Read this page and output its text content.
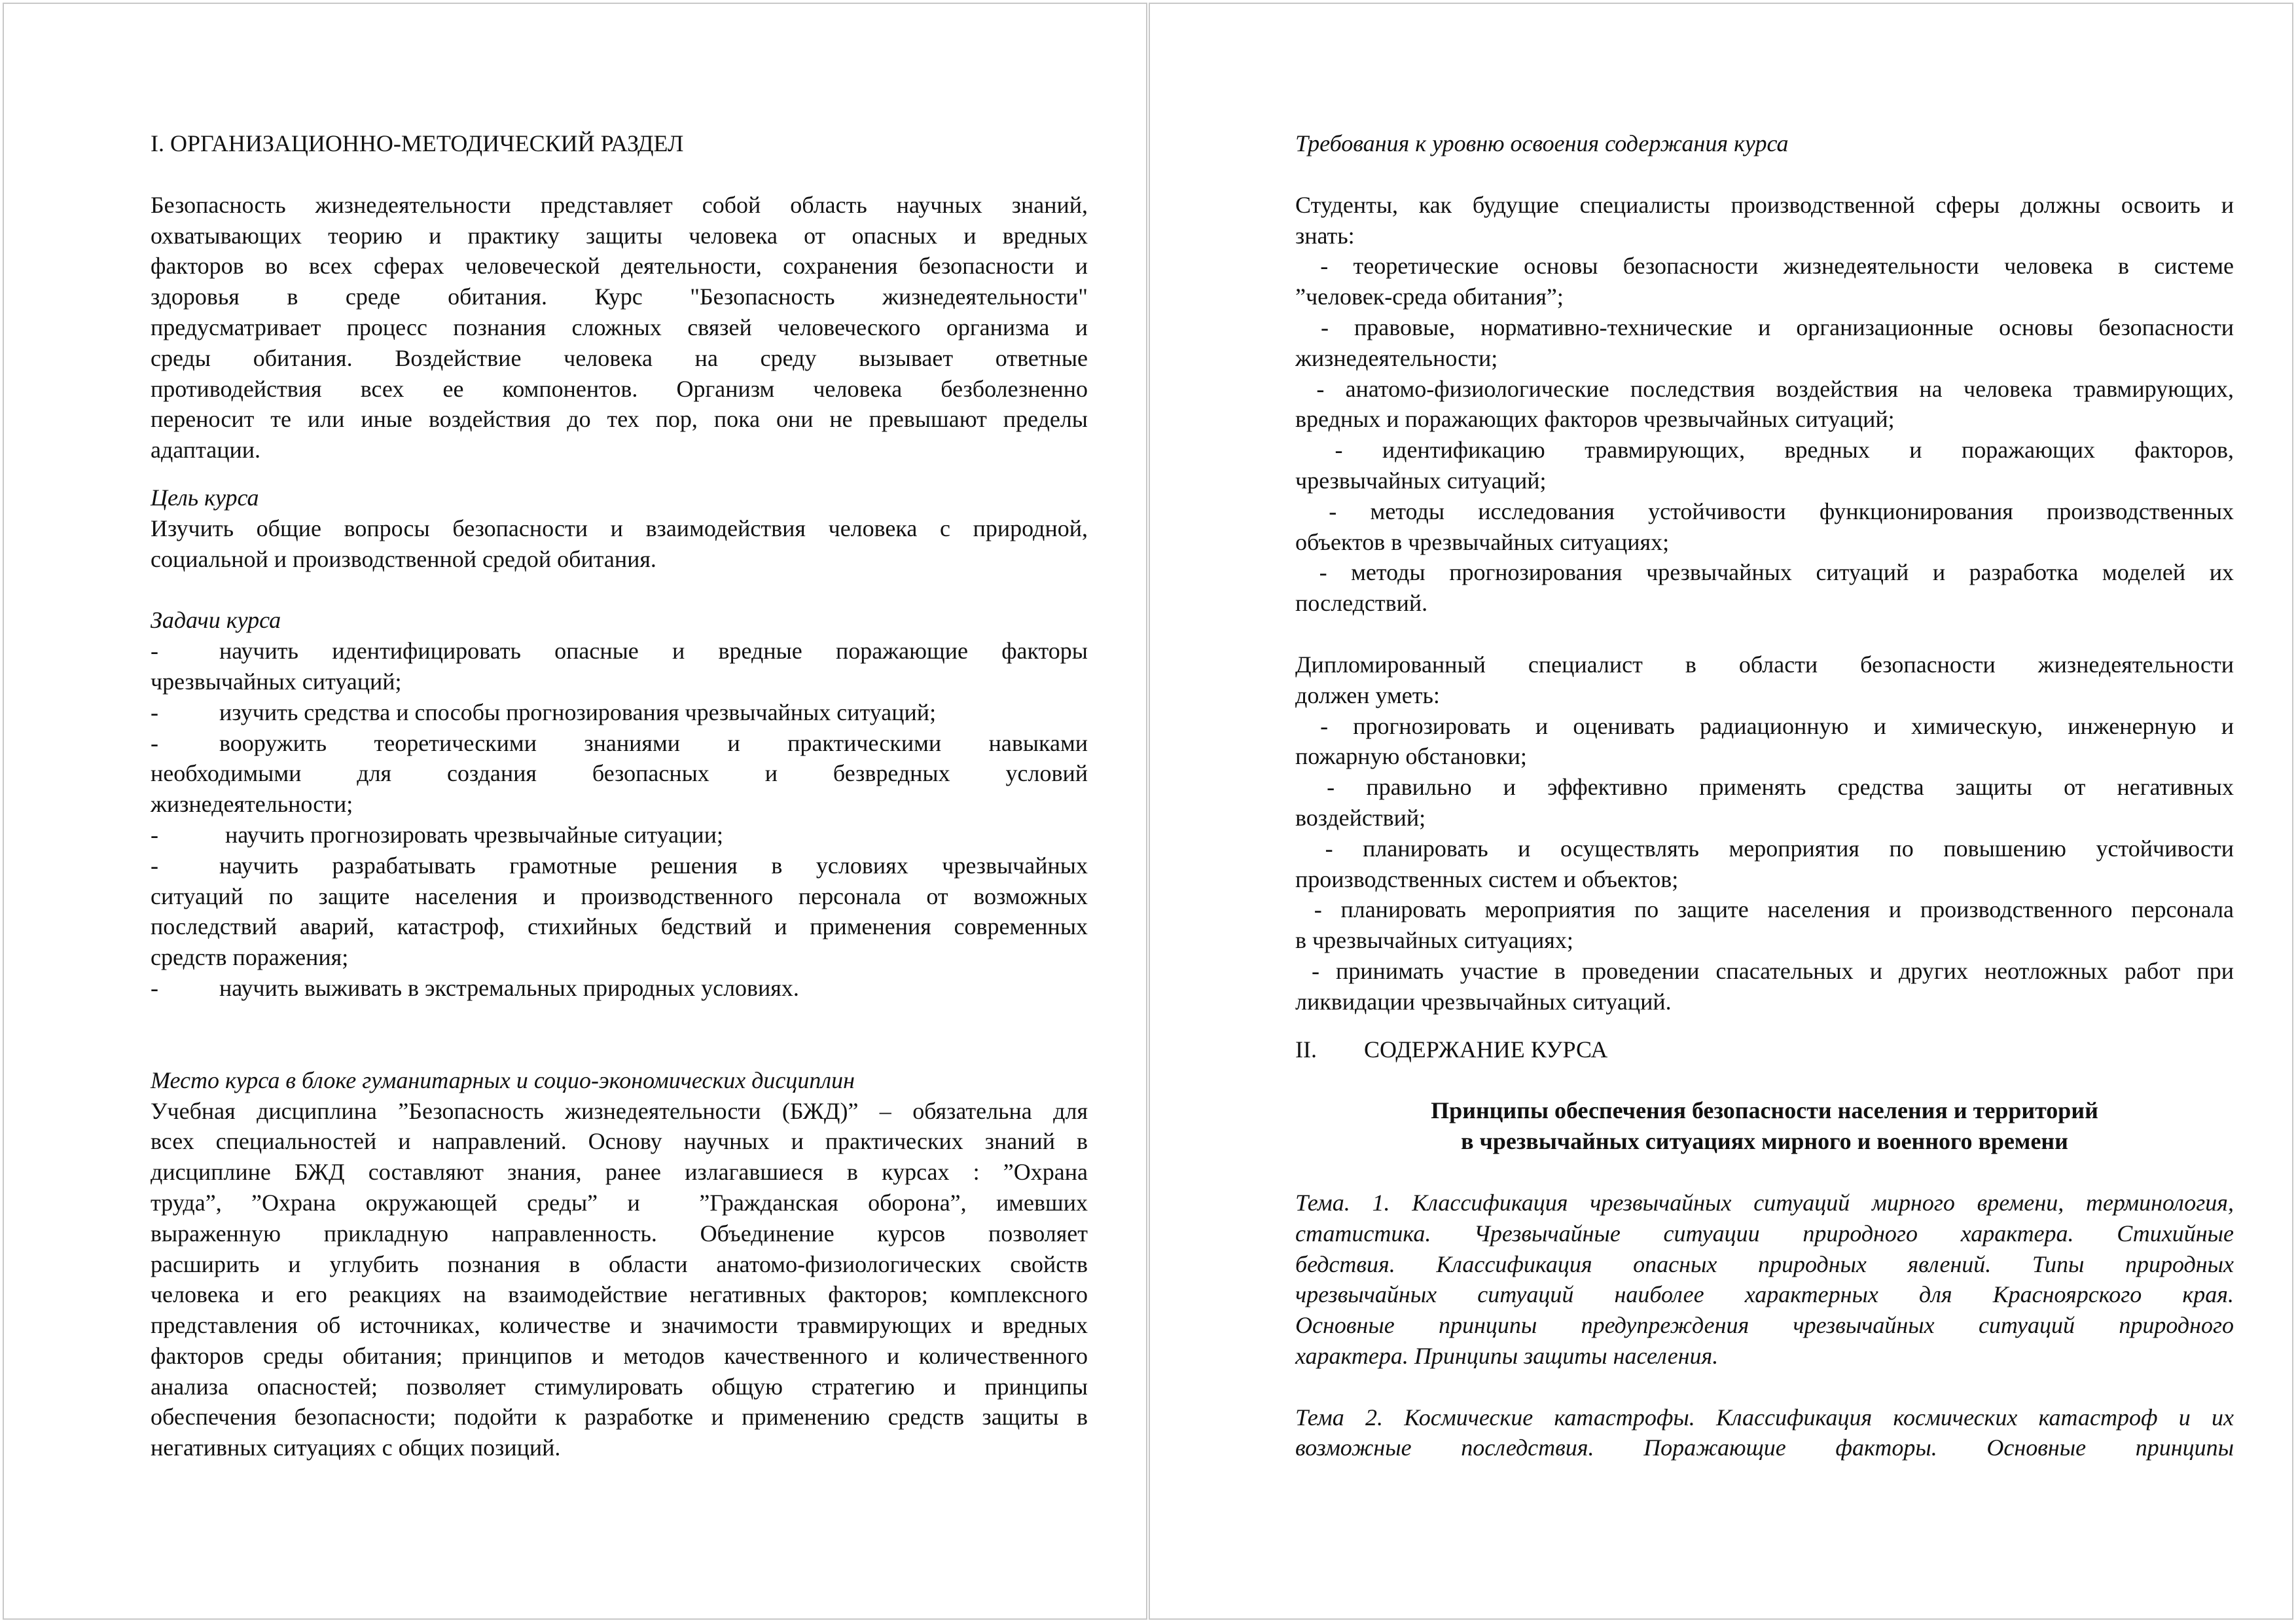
I. ОРГАНИЗАЦИОННО-МЕТОДИЧЕСКИЙ РАЗДЕЛ

Безопасность жизнедеятельности представляет собой область научных знаний,

охватывающих теорию и практику защиты человека от опасных и вредных

факторов во всех сферах человеческой деятельности, сохранения безопасности и

здоровья в среде обитания. Курс "Безопасность жизнедеятельности"

предусматривает процесс познания сложных связей человеческого организма и

среды обитания. Воздействие человека на среду вызывает ответные

противодействия всех ее компонентов. Организм человека безболезненно

переносит те или иные воздействия до тех пор, пока они не превышают пределы

адаптации.

Цель курса

Изучить общие вопросы безопасности и взаимодействия человека с природной,

социальной и производственной средой обитания.

Задачи курса

-	научить идентифицировать опасные и вредные поражающие факторы

чрезвычайных ситуаций;

-	изучить средства и способы прогнозирования чрезвычайных ситуаций;

-	вооружить теоретическими знаниями и практическими навыками

необходимыми для создания безопасных и безвредных условий

жизнедеятельности;

-	научить прогнозировать чрезвычайные ситуации;

-	научить разрабатывать грамотные решения в условиях чрезвычайных

ситуаций по защите населения и производственного персонала от возможных

последствий аварий, катастроф, стихийных бедствий и применения современных

средств поражения;

-	научить выживать в экстремальных природных условиях.

Место курса в блоке гуманитарных и социо-экономических дисциплин

Учебная дисциплина ”Безопасность жизнедеятельности (БЖД)” – обязательна для

всех специальностей и направлений. Основу научных и практических знаний в

дисциплине БЖД составляют знания, ранее излагавшиеся в курсах : ”Охрана

труда”, ”Охрана окружающей среды” и  ”Гражданская оборона”, имевших

выраженную прикладную направленность. Объединение курсов позволяет

расширить и углубить познания в области анатомо-физиологических свойств

человека и его реакциях на взаимодействие негативных факторов; комплексного

представления об источниках, количестве и значимости травмирующих и вредных

факторов среды обитания; принципов и методов качественного и количественного

анализа опасностей; позволяет стимулировать общую стратегию и принципы

обеспечения безопасности; подойти к разработке и применению средств защиты в

негативных ситуациях с общих позиций.

Требования к уровню освоения содержания курса

Студенты, как будущие специалисты производственной сферы должны освоить и

знать:

- теоретические основы безопасности жизнедеятельности человека в системе

”человек-среда обитания”;

- правовые, нормативно-технические и организационные основы безопасности

жизнедеятельности;

- анатомо-физиологические последствия воздействия на человека травмирующих,

вредных и поражающих факторов чрезвычайных ситуаций;

- идентификацию травмирующих, вредных и поражающих факторов,

чрезвычайных ситуаций;

- методы исследования устойчивости функционирования производственных

объектов в чрезвычайных ситуациях;

- методы прогнозирования чрезвычайных ситуаций и разработка моделей их

последствий.

Дипломированный специалист в области безопасности жизнедеятельности

должен уметь:

- прогнозировать и оценивать радиационную и химическую, инженерную и

пожарную обстановки;

- правильно и эффективно применять средства защиты от негативных

воздействий;

- планировать и осуществлять мероприятия по повышению устойчивости

производственных систем и объектов;

- планировать мероприятия по защите населения и производственного персонала

в чрезвычайных ситуациях;

- принимать участие в проведении спасательных и других неотложных работ при

ликвидации чрезвычайных ситуаций.

II. СОДЕРЖАНИЕ КУРСА

Принципы обеспечения безопасности населения и территорий

в чрезвычайных ситуациях мирного и военного времени

Тема. 1. Классификация чрезвычайных ситуаций мирного времени, терминология,

статистика. Чрезвычайные ситуации природного характера. Стихийные

бедствия. Классификация опасных природных явлений. Типы природных

чрезвычайных ситуаций наиболее характерных для Красноярского края.

Основные принципы предупреждения чрезвычайных ситуаций природного

характера. Принципы защиты населения.

Тема 2. Космические катастрофы. Классификация космических катастроф и их

возможные последствия. Поражающие факторы. Основные принципы
